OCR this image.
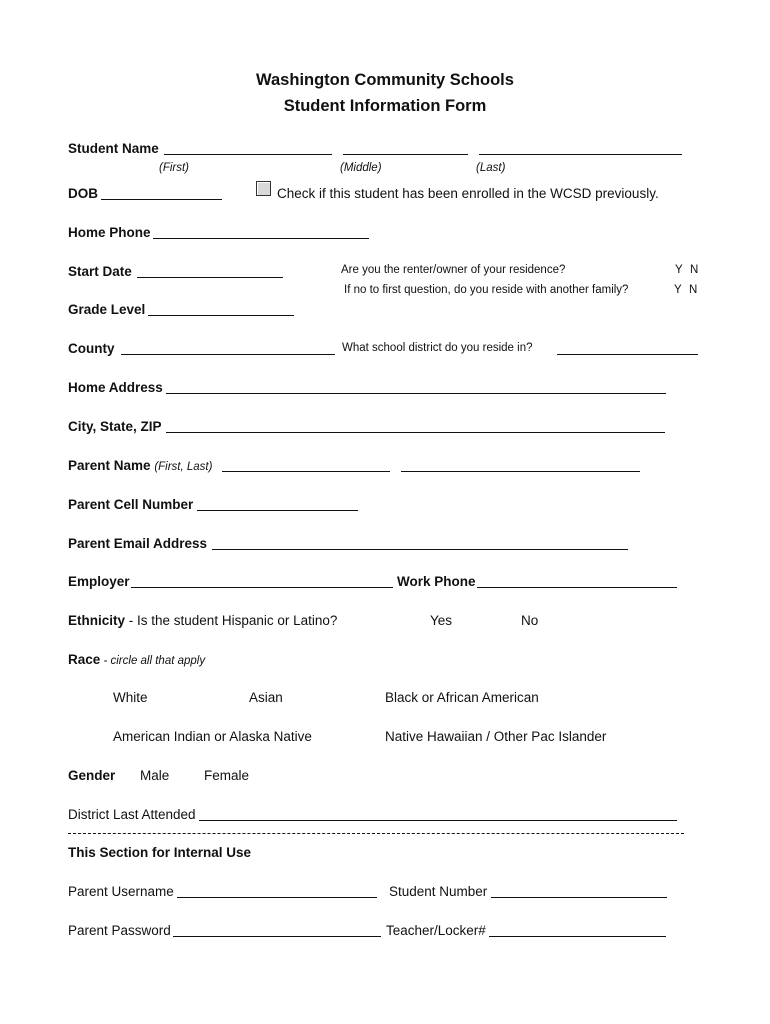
Washington Community Schools
Student Information Form
Student Name
(First)	(Middle)	(Last)
DOB	Check if this student has been enrolled in the WCSD previously.
Home Phone
Start Date	Are you the renter/owner of your residence?	Y N
If no to first question, do you reside with another family?	Y N
Grade Level
County	What school district do you reside in?
Home Address
City, State, ZIP
Parent Name (First, Last)
Parent Cell Number
Parent Email Address
Employer	Work Phone
Ethnicity - Is the student Hispanic or Latino?	Yes	No
Race - circle all that apply
White	Asian	Black or African American
American Indian or Alaska Native	Native Hawaiian / Other Pac Islander
Gender Male	Female
District Last Attended
This Section for Internal Use
Parent Username	Student Number
Parent Password	Teacher/Locker#
